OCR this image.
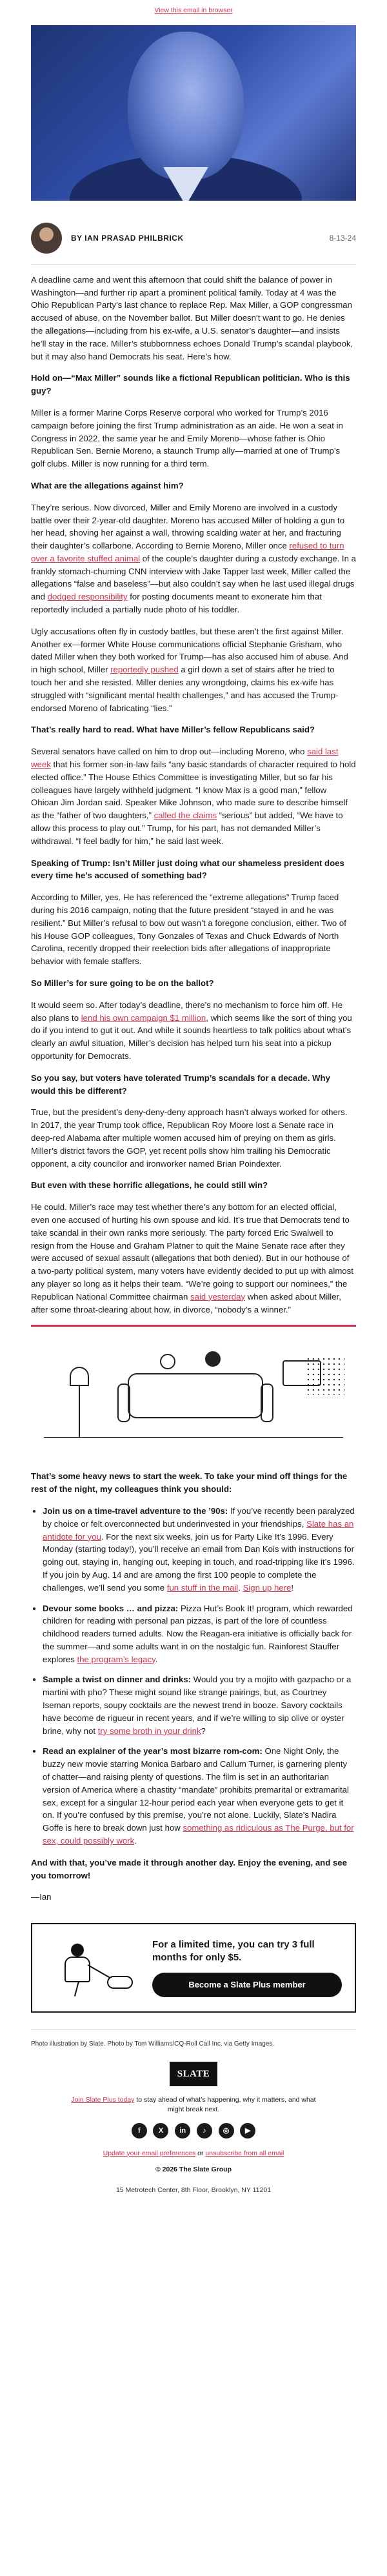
View this email in browser
BY IAN PRASAD PHILBRICK	8-13-24

A deadline came and went this afternoon that could shift the balance of power in Washington—and further rip apart a prominent political family. Today at 4 was the Ohio Republican Party’s last chance to replace Rep. Max Miller, a GOP congressman accused of abuse, on the November ballot. But Miller doesn’t want to go. He denies the allegations—including from his ex-wife, a U.S. senator’s daughter—and insists he’ll stay in the race. Miller’s stubbornness echoes Donald Trump’s scandal playbook, but it may also hand Democrats his seat. Here’s how.

Hold on—“Max Miller” sounds like a fictional Republican politician. Who is this guy?

Miller is a former Marine Corps Reserve corporal who worked for Trump’s 2016 campaign before joining the first Trump administration as an aide. He won a seat in Congress in 2022, the same year he and Emily Moreno—whose father is Ohio Republican Sen. Bernie Moreno, a staunch Trump ally—married at one of Trump’s golf clubs. Miller is now running for a third term.

What are the allegations against him?

They’re serious. Now divorced, Miller and Emily Moreno are involved in a custody battle over their 2-year-old daughter. Moreno has accused Miller of holding a gun to her head, shoving her against a wall, throwing scalding water at her, and fracturing their daughter’s collarbone. According to Bernie Moreno, Miller once refused to turn over a favorite stuffed animal of the couple’s daughter during a custody exchange. In a frankly stomach-churning CNN interview with Jake Tapper last week, Miller called the allegations “false and baseless”—but also couldn’t say when he last used illegal drugs and dodged responsibility for posting documents meant to exonerate him that reportedly included a partially nude photo of his toddler.

Ugly accusations often fly in custody battles, but these aren’t the first against Miller. Another ex—former White House communications official Stephanie Grisham, who dated Miller when they both worked for Trump—has also accused him of abuse. And in high school, Miller reportedly pushed a girl down a set of stairs after he tried to touch her and she resisted. Miller denies any wrongdoing, claims his ex-wife has struggled with “significant mental health challenges,” and has accused the Trump-endorsed Moreno of fabricating “lies.”

That’s really hard to read. What have Miller’s fellow Republicans said?

Several senators have called on him to drop out—including Moreno, who said last week that his former son-in-law fails “any basic standards of character required to hold elected office.” The House Ethics Committee is investigating Miller, but so far his colleagues have largely withheld judgment. “I know Max is a good man,” fellow Ohioan Jim Jordan said. Speaker Mike Johnson, who made sure to describe himself as the “father of two daughters,” called the claims “serious” but added, “We have to allow this process to play out.” Trump, for his part, has not demanded Miller’s withdrawal. “I feel badly for him,” he said last week.

Speaking of Trump: Isn’t Miller just doing what our shameless president does every time he’s accused of something bad?

According to Miller, yes. He has referenced the “extreme allegations” Trump faced during his 2016 campaign, noting that the future president “stayed in and he was resilient.” But Miller’s refusal to bow out wasn’t a foregone conclusion, either. Two of his House GOP colleagues, Tony Gonzales of Texas and Chuck Edwards of North Carolina, recently dropped their reelection bids after allegations of inappropriate behavior with female staffers.

So Miller’s for sure going to be on the ballot?

It would seem so. After today’s deadline, there’s no mechanism to force him off. He also plans to lend his own campaign $1 million, which seems like the sort of thing you do if you intend to gut it out. And while it sounds heartless to talk politics about what’s clearly an awful situation, Miller’s decision has helped turn his seat into a pickup opportunity for Democrats.

So you say, but voters have tolerated Trump’s scandals for a decade. Why would this be different?

True, but the president’s deny-deny-deny approach hasn’t always worked for others. In 2017, the year Trump took office, Republican Roy Moore lost a Senate race in deep-red Alabama after multiple women accused him of preying on them as girls. Miller’s district favors the GOP, yet recent polls show him trailing his Democratic opponent, a city councilor and ironworker named Brian Poindexter.

But even with these horrific allegations, he could still win?

He could. Miller’s race may test whether there’s any bottom for an elected official, even one accused of hurting his own spouse and kid. It’s true that Democrats tend to take scandal in their own ranks more seriously. The party forced Eric Swalwell to resign from the House and Graham Platner to quit the Maine Senate race after they were accused of sexual assault (allegations that both denied). But in our hothouse of a two-party political system, many voters have evidently decided to put up with almost any player so long as it helps their team. “We’re going to support our nominees,” the Republican National Committee chairman said yesterday when asked about Miller, after some throat-clearing about how, in divorce, “nobody’s a winner.”

That’s some heavy news to start the week. To take your mind off things for the rest of the night, my colleagues think you should:

• Join us on a time-travel adventure to the ’90s: If you’ve recently been paralyzed by choice or felt overconnected but underinvested in your friendships, Slate has an antidote for you. For the next six weeks, join us for Party Like It’s 1996. Every Monday (starting today!), you’ll receive an email from Dan Kois with instructions for going out, staying in, hanging out, keeping in touch, and road-tripping like it’s 1996. If you join by Aug. 14 and are among the first 100 people to complete the challenges, we’ll send you some fun stuff in the mail. Sign up here!
• Devour some books … and pizza: Pizza Hut’s Book It! program, which rewarded children for reading with personal pan pizzas, is part of the lore of countless childhood readers turned adults. Now the Reagan-era initiative is officially back for the summer—and some adults want in on the nostalgic fun. Rainforest Stauffer explores the program’s legacy.
• Sample a twist on dinner and drinks: Would you try a mojito with gazpacho or a martini with pho? These might sound like strange pairings, but, as Courtney Iseman reports, soupy cocktails are the newest trend in booze. Savory cocktails have become de rigueur in recent years, and if we’re willing to sip olive or oyster brine, why not try some broth in your drink?
• Read an explainer of the year’s most bizarre rom-com: One Night Only, the buzzy new movie starring Monica Barbaro and Callum Turner, is garnering plenty of chatter—and raising plenty of questions. The film is set in an authoritarian version of America where a chastity “mandate” prohibits premarital or extramarital sex, except for a singular 12-hour period each year when everyone gets to get it on. If you’re confused by this premise, you’re not alone. Luckily, Slate’s Nadira Goffe is here to break down just how something as ridiculous as The Purge, but for sex, could possibly work.

And with that, you’ve made it through another day. Enjoy the evening, and see you tomorrow!

—Ian

For a limited time, you can try 3 full months for only $5.
Become a Slate Plus member
Photo illustration by Slate. Photo by Tom Williams/CQ-Roll Call Inc. via Getty Images.
SLATE
Join Slate Plus today to stay ahead of what’s happening, why it matters, and what might break next.
f	X in ♪ ◎ ▶
Update your email preferences or unsubscribe from all email
© 2026 The Slate Group
15 Metrotech Center, 8th Floor, Brooklyn, NY 11201
